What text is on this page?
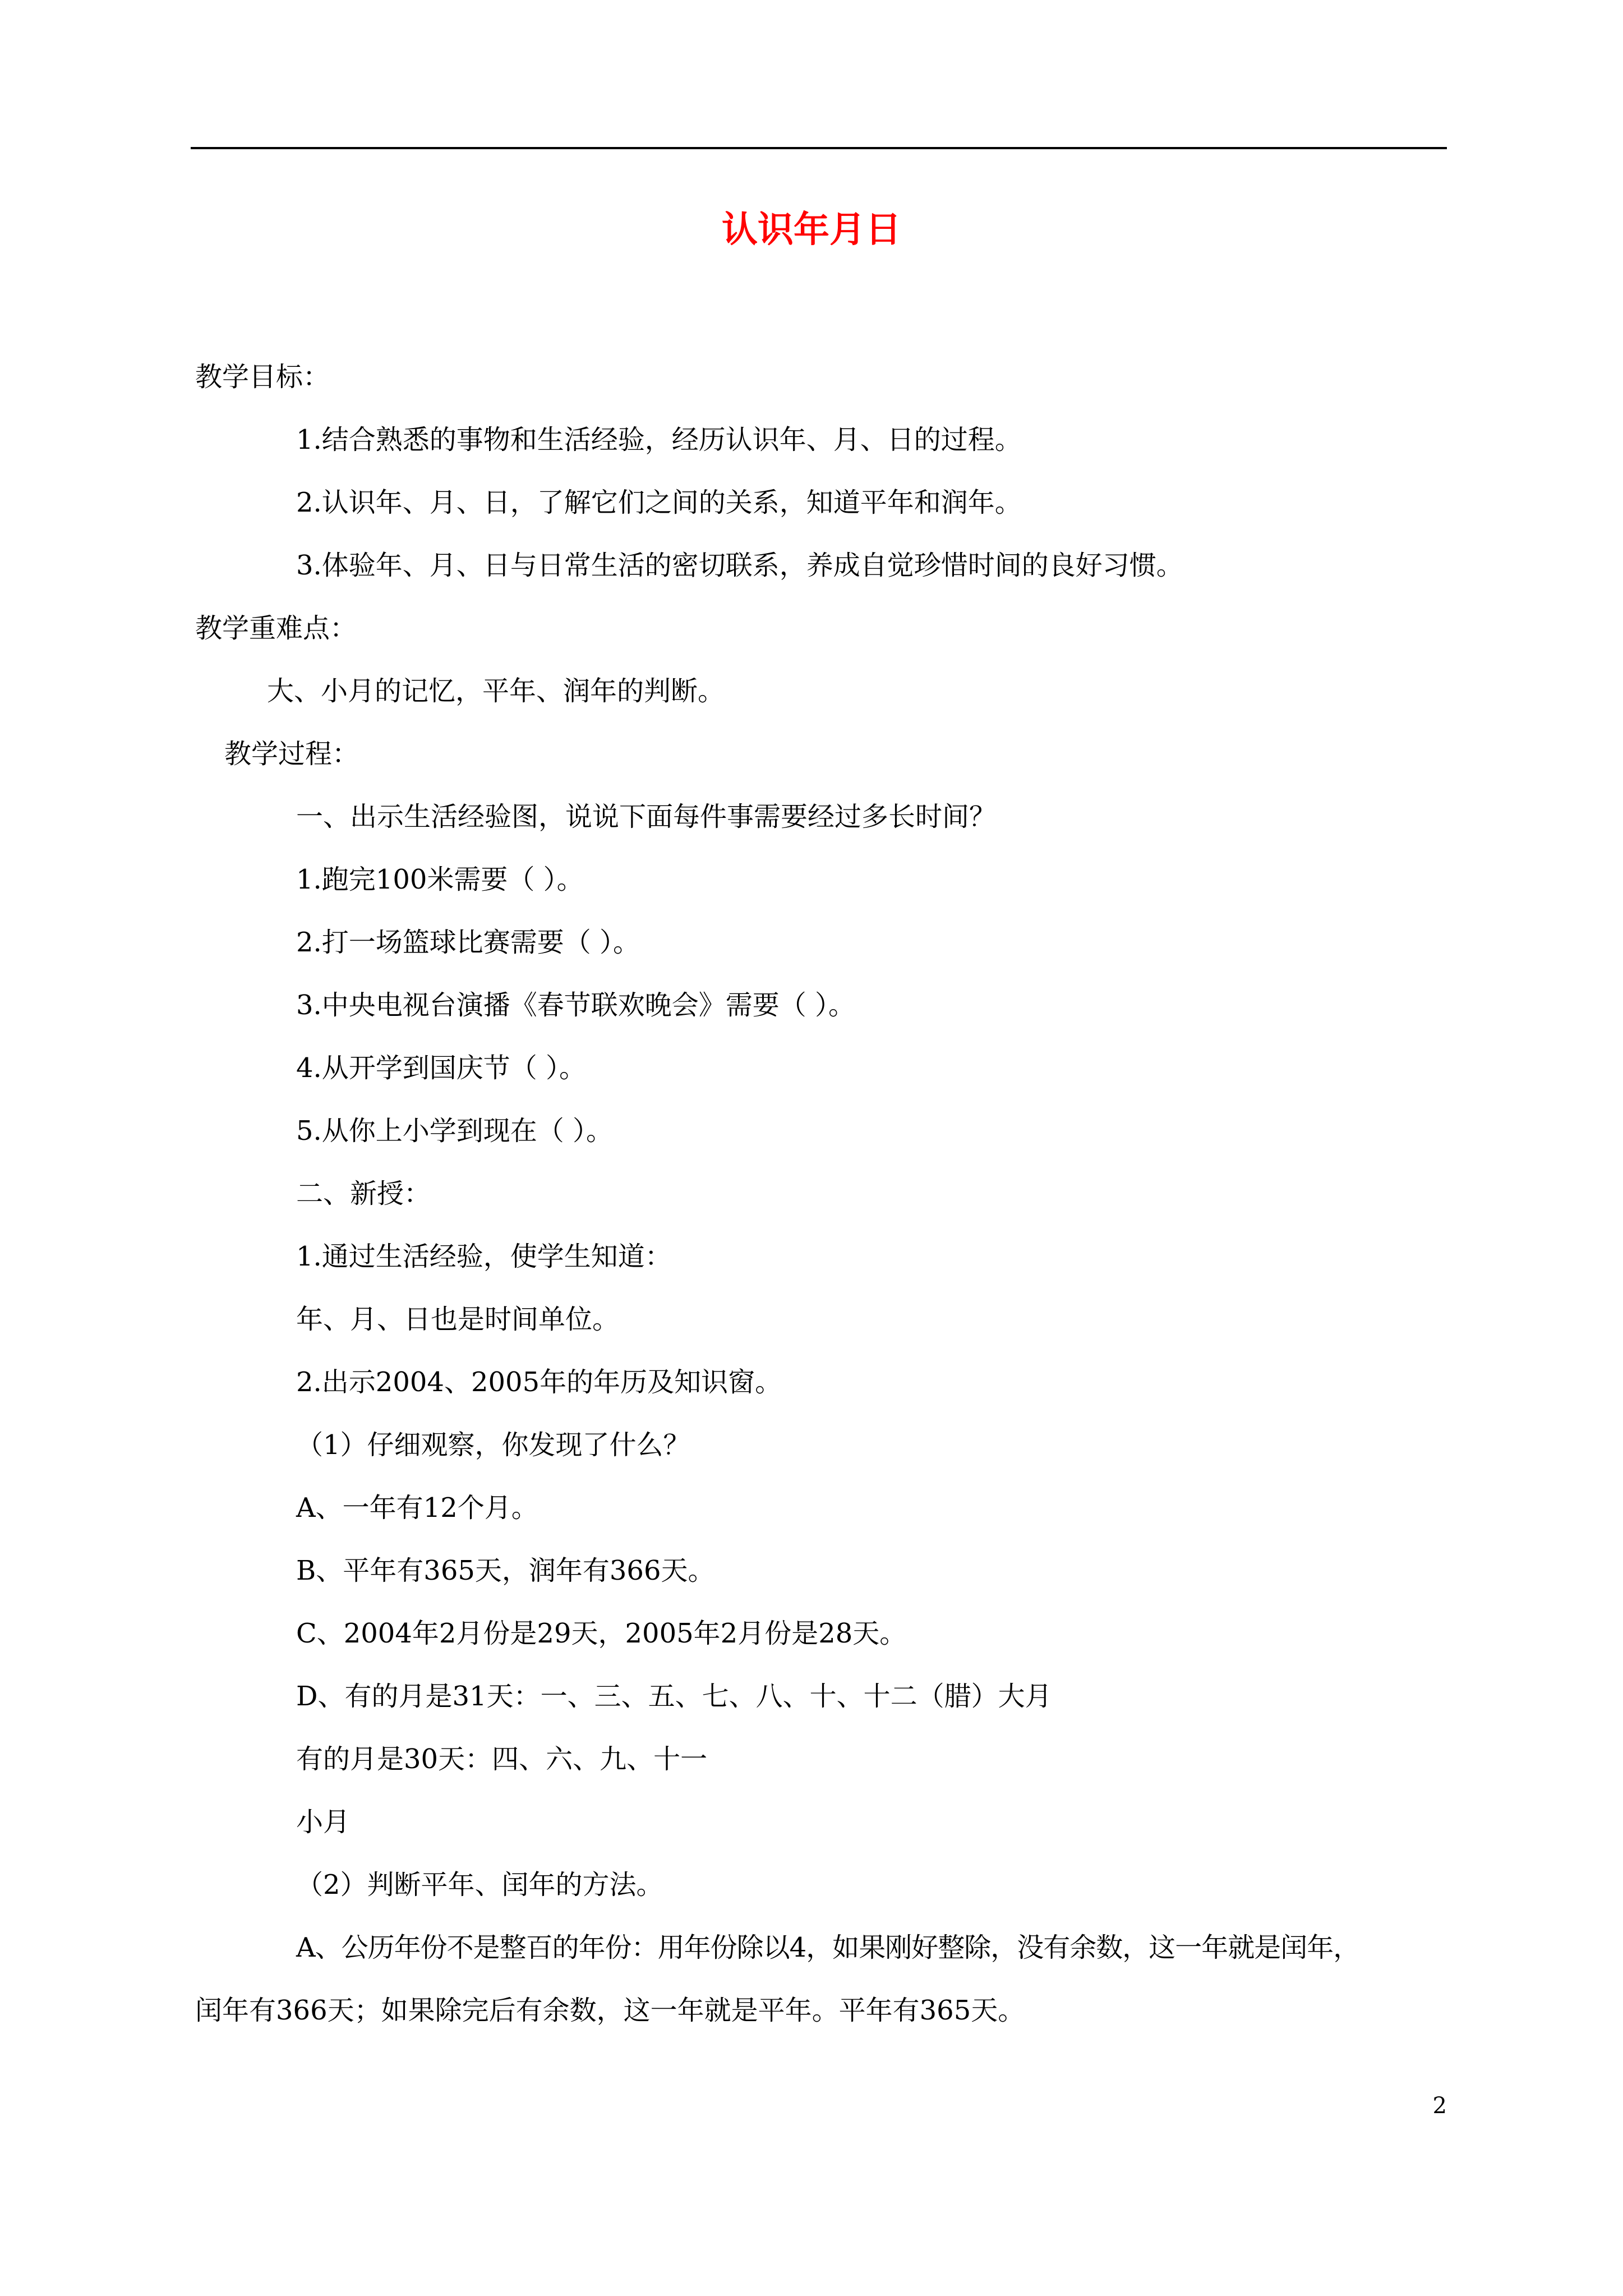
认识年月日
教学目标：
1.结合熟悉的事物和生活经验，经历认识年、月、日的过程。
2.认识年、月、日，了解它们之间的关系，知道平年和润年。
3.体验年、月、日与日常生活的密切联系，养成自觉珍惜时间的良好习惯。
教学重难点：
大、小月的记忆，平年、润年的判断。
教学过程：
一、出示生活经验图，说说下面每件事需要经过多长时间？
1.跑完100米需要（ ）。
2.打一场篮球比赛需要（ ）。
3.中央电视台演播《春节联欢晚会》需要（ ）。
4.从开学到国庆节（ ）。
5.从你上小学到现在（ ）。
二、新授：
1.通过生活经验，使学生知道：
年、月、日也是时间单位。
2.出示2004、2005年的年历及知识窗。
（1）仔细观察，你发现了什么？
A、一年有12个月。
B、平年有365天，润年有366天。
C、2004年2月份是29天，2005年2月份是28天。
D、有的月是31天：一、三、五、七、八、十、十二（腊）大月
有的月是30天：四、六、九、十一
小月
（2）判断平年、闰年的方法。
A、公历年份不是整百的年份：用年份除以4，如果刚好整除，没有余数，这一年就是闰年，
闰年有366天；如果除完后有余数，这一年就是平年。平年有365天。
2
